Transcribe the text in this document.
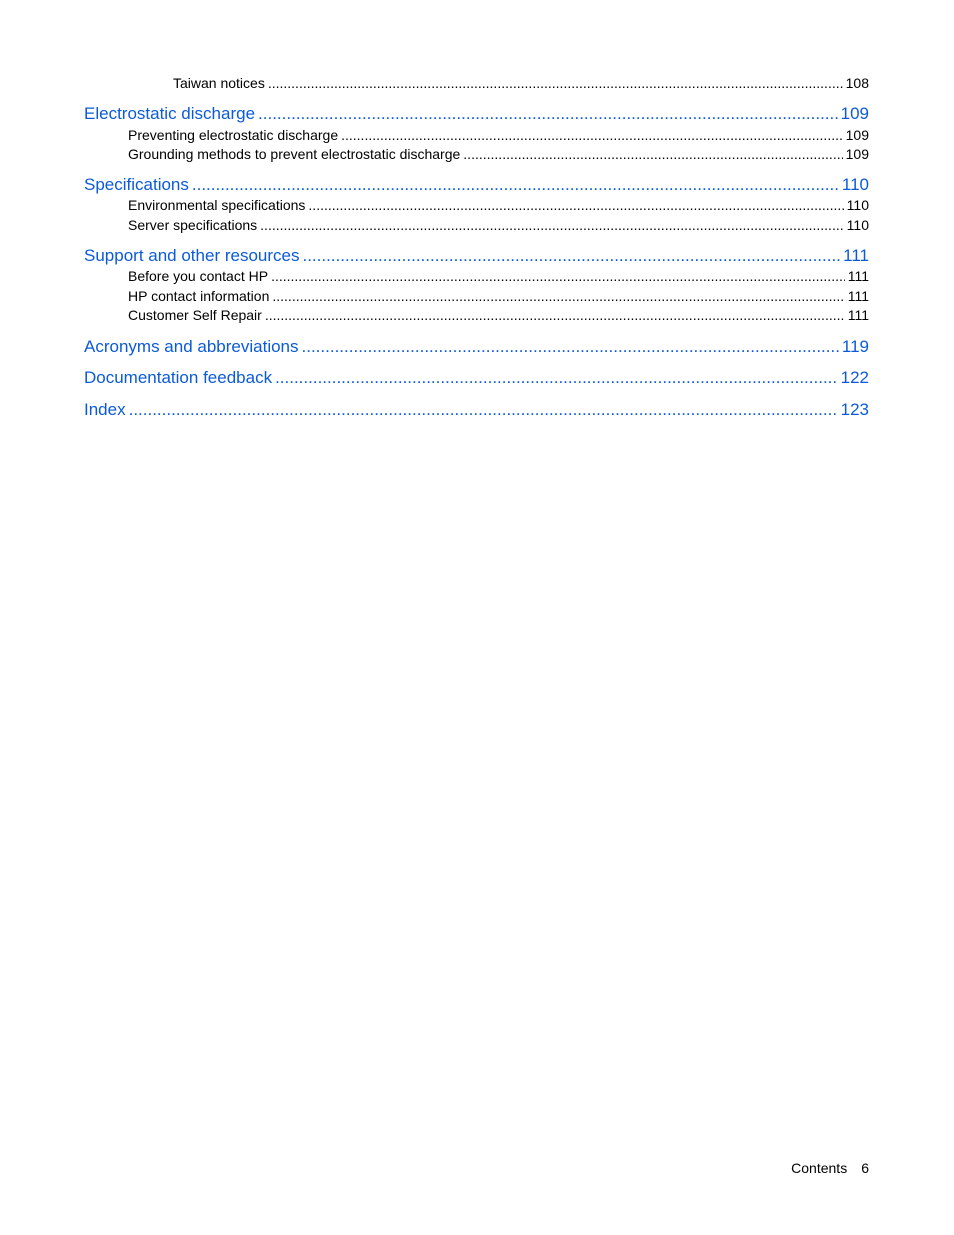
Taiwan notices .....	108
Electrostatic discharge .....	109
Preventing electrostatic discharge .....	109
Grounding methods to prevent electrostatic discharge .....	109
Specifications .....	110
Environmental specifications .....	110
Server specifications .....	110
Support and other resources .....	111
Before you contact HP .....	111
HP contact information .....	111
Customer Self Repair .....	111
Acronyms and abbreviations .....	119
Documentation feedback .....	122
Index .....	123
Contents 6
